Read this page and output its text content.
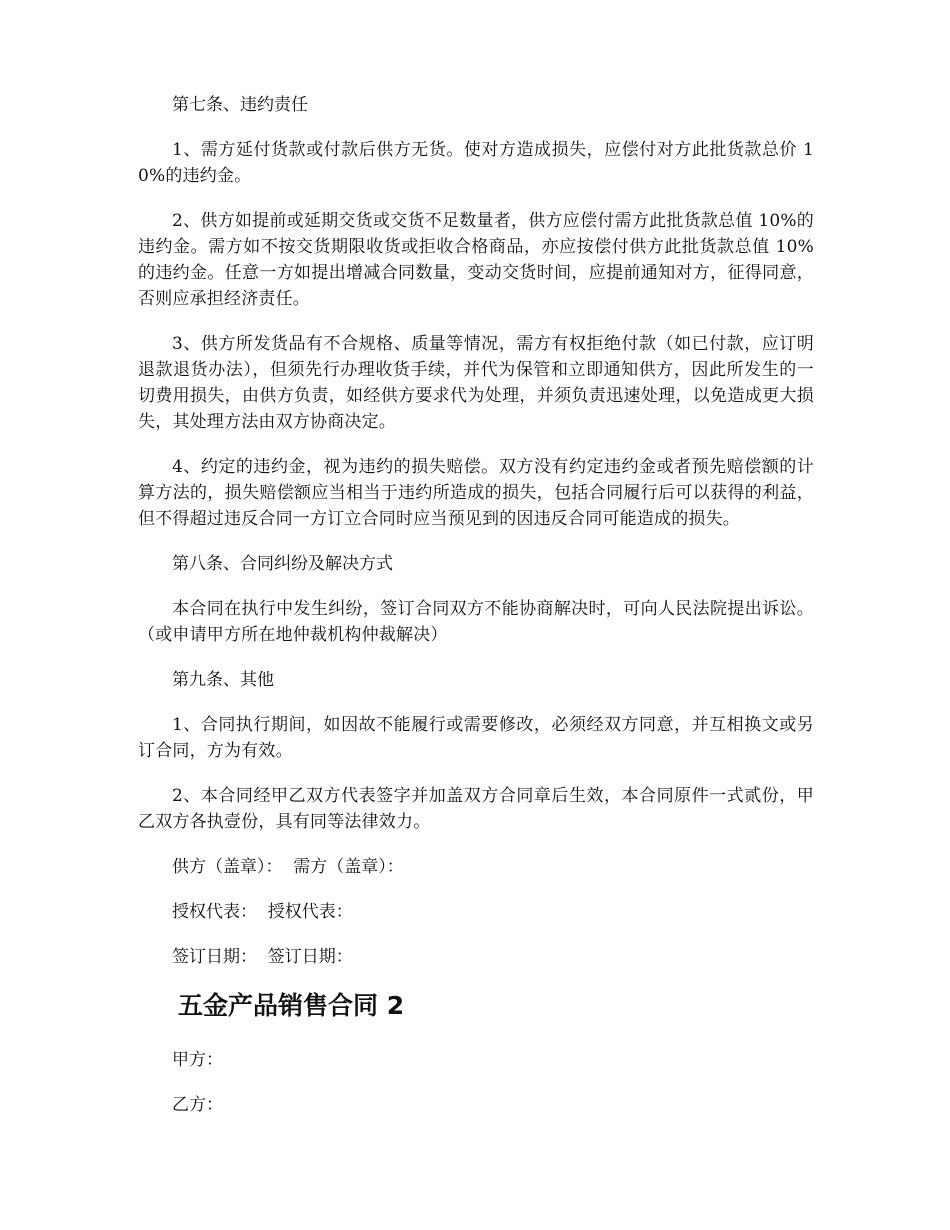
第七条、违约责任

1、需方延付货款或付款后供方无货。使对方造成损失，应偿付对方此批货款总价 10%的违约金。

2、供方如提前或延期交货或交货不足数量者，供方应偿付需方此批货款总值 10%的违约金。需方如不按交货期限收货或拒收合格商品，亦应按偿付供方此批货款总值 10%的违约金。任意一方如提出增减合同数量，变动交货时间，应提前通知对方，征得同意，否则应承担经济责任。

3、供方所发货品有不合规格、质量等情况，需方有权拒绝付款（如已付款，应订明退款退货办法），但须先行办理收货手续，并代为保管和立即通知供方，因此所发生的一切费用损失，由供方负责，如经供方要求代为处理，并须负责迅速处理，以免造成更大损失，其处理方法由双方协商决定。

4、约定的违约金，视为违约的损失赔偿。双方没有约定违约金或者预先赔偿额的计算方法的，损失赔偿额应当相当于违约所造成的损失，包括合同履行后可以获得的利益，但不得超过违反合同一方订立合同时应当预见到的因违反合同可能造成的损失。

第八条、合同纠纷及解决方式

本合同在执行中发生纠纷，签订合同双方不能协商解决时，可向人民法院提出诉讼。（或申请甲方所在地仲裁机构仲裁解决）

第九条、其他

1、合同执行期间，如因故不能履行或需要修改，必须经双方同意，并互相换文或另订合同，方为有效。

2、本合同经甲乙双方代表签字并加盖双方合同章后生效，本合同原件一式贰份，甲乙双方各执壹份，具有同等法律效力。

供方（盖章）：  需方（盖章）：

授权代表：  授权代表：

签订日期：  签订日期：

五金产品销售合同 2

甲方：

乙方：
